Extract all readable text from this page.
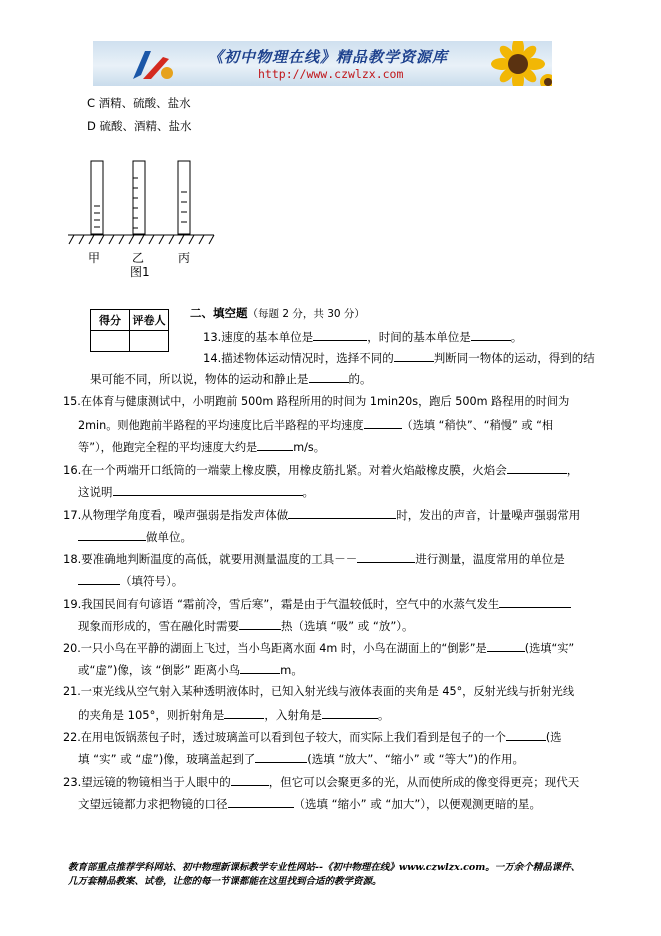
《初中物理在线》精品教学资源库
http://www.czwlzx.com
C 酒精、硫酸、盐水
D 硫酸、酒精、盐水
甲	乙	丙
图1
得分	评卷人

二、填空题（每题 2 分，共 30 分）
13.速度的基本单位是	，时间的基本单位是	。
14.描述物体运动情况时，选择不同的	判断同一物体的运动，得到的结
果可能不同，所以说，物体的运动和静止是	的。
15.在体育与健康测试中，小明跑前 500m 路程所用的时间为 1min20s，跑后 500m 路程用的时间为
2min。则他跑前半路程的平均速度比后半路程的平均速度	（选填 “稍快”、“稍慢” 或 “相
等”），他跑完全程的平均速度大约是	m/s。
16.在一个两端开口纸筒的一端蒙上橡皮膜，用橡皮筋扎紧。对着火焰敲橡皮膜，火焰会	，
这说明	。
17.从物理学角度看，噪声强弱是指发声体做	时，发出的声音，计量噪声强弱常用
做单位。
18.要准确地判断温度的高低，就要用测量温度的工具－－	进行测量，温度常用的单位是
（填符号）。
19.我国民间有句谚语 “霜前冷，雪后寒”，霜是由于气温较低时，空气中的水蒸气发生
现象而形成的，雪在融化时需要	热（选填 “吸” 或 “放”）。
20.一只小鸟在平静的湖面上飞过，当小鸟距离水面 4m 时，小鸟在湖面上的“倒影”是	(选填“实”
或“虚”)像，该 “倒影” 距离小鸟	m。
21.一束光线从空气射入某种透明液体时，已知入射光线与液体表面的夹角是 45°，反射光线与折射光线
的夹角是 105°，则折射角是	，入射角是	。
22.在用电饭锅蒸包子时，透过玻璃盖可以看到包子较大，而实际上我们看到是包子的一个	(选
填 “实” 或 “虚”)像，玻璃盖起到了	(选填 “放大”、“缩小” 或 “等大”)的作用。
23.望远镜的物镜相当于人眼中的	，但它可以会聚更多的光，从而使所成的像变得更亮；现代天
文望远镜都力求把物镜的口径	（选填 “缩小” 或 “加大”），以便观测更暗的星。
教育部重点推荐学科网站、初中物理新课标教学专业性网站--《初中物理在线》www.czwlzx.com。一万余个精品课件、
几万套精品教案、试卷，让您的每一节课都能在这里找到合适的教学资源。
